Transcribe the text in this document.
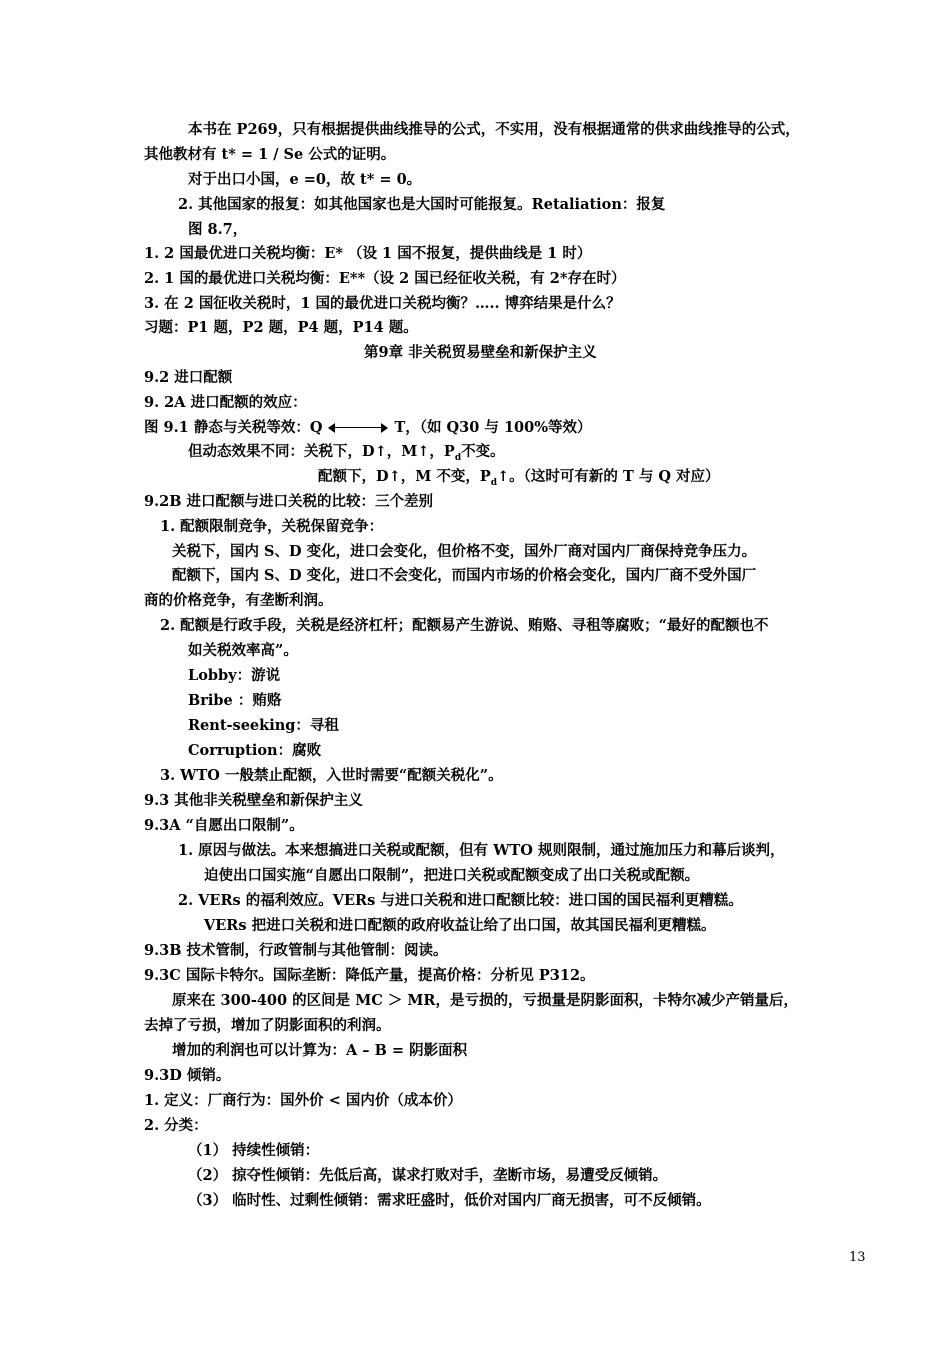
本书在 P269，只有根据提供曲线推导的公式，不实用，没有根据通常的供求曲线推导的公式，
其他教材有 t* = 1 / Se 公式的证明。
对于出口小国，e =0，故 t* = 0。
2. 其他国家的报复：如其他国家也是大国时可能报复。Retaliation：报复
图 8.7，
1. 2 国最优进口关税均衡：E* （设 1 国不报复，提供曲线是 1 时）
2. 1 国的最优进口关税均衡：E**（设 2 国已经征收关税，有 2*存在时）
3. 在 2 国征收关税时，1 国的最优进口关税均衡？….. 博弈结果是什么？
习题：P1 题，P2 题，P4 题，P14 题。
第9章 非关税贸易壁垒和新保护主义
9.2 进口配额
9. 2A 进口配额的效应：
图 9.1 静态与关税等效：Q	T，（如 Q30 与 100%等效）
但动态效果不同：关税下，D↑，M↑，$P_d$不变。
配额下，D↑，M 不变，$P_d↑$。（这时可有新的 T 与 Q 对应）
9.2B 进口配额与进口关税的比较：三个差别
1. 配额限制竞争，关税保留竞争：
关税下，国内 S、D 变化，进口会变化，但价格不变，国外厂商对国内厂商保持竞争压力。
配额下，国内 S、D 变化，进口不会变化，而国内市场的价格会变化，国内厂商不受外国厂
商的价格竞争，有垄断利润。
2. 配额是行政手段，关税是经济杠杆；配额易产生游说、贿赂、寻租等腐败；“最好的配额也不
如关税效率高”。
Lobby：游说
Bribe ：贿赂
Rent-seeking：寻租
Corruption：腐败
3. WTO 一般禁止配额，入世时需要“配额关税化”。
9.3 其他非关税壁垒和新保护主义
9.3A “自愿出口限制”。
1. 原因与做法。本来想搞进口关税或配额，但有 WTO 规则限制，通过施加压力和幕后谈判，
迫使出口国实施“自愿出口限制”，把进口关税或配额变成了出口关税或配额。
2. VERs 的福利效应。VERs 与进口关税和进口配额比较：进口国的国民福利更糟糕。
VERs 把进口关税和进口配额的政府收益让给了出口国，故其国民福利更糟糕。
9.3B 技术管制，行政管制与其他管制：阅读。
9.3C 国际卡特尔。国际垄断：降低产量，提高价格：分析见 P312。
原来在 300-400 的区间是 MC ＞ MR，是亏损的，亏损量是阴影面积，卡特尔减少产销量后，
去掉了亏损，增加了阴影面积的利润。
增加的利润也可以计算为：A – B = 阴影面积
9.3D 倾销。
1. 定义：厂商行为：国外价 < 国内价（成本价）
2. 分类：
（1） 持续性倾销：
（2） 掠夺性倾销：先低后高，谋求打败对手，垄断市场，易遭受反倾销。
（3） 临时性、过剩性倾销：需求旺盛时，低价对国内厂商无损害，可不反倾销。
13
